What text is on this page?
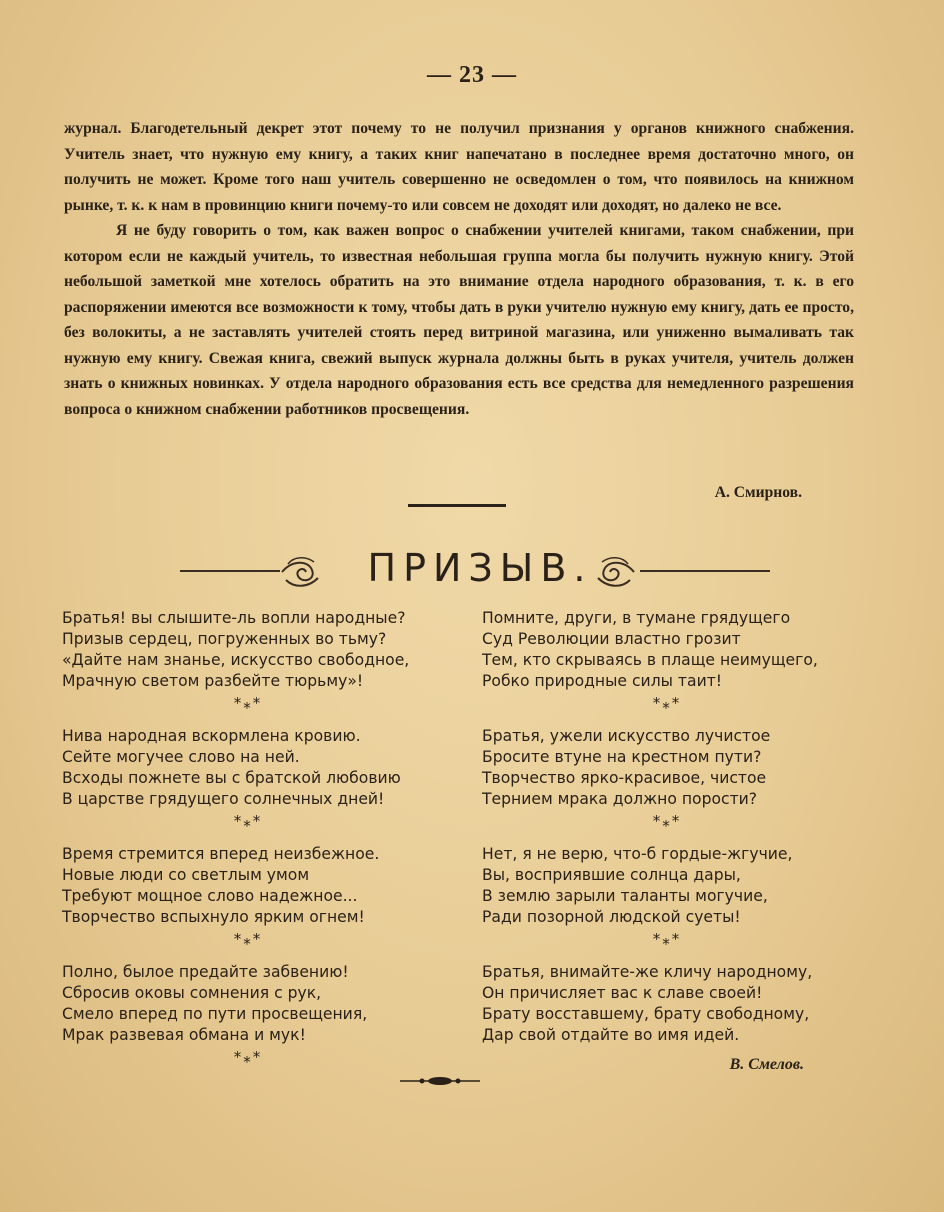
— 23 —

журнал. Благодетельный декрет этот почему то не получил признания у органов книжного снабжения. Учитель знает, что нужную ему книгу, а таких книг напечатано в последнее время достаточно много, он получить не может. Кроме того наш учитель совершенно не осведомлен о том, что появилось на книжном рынке, т. к. к нам в провинцию книги почему-то или совсем не доходят или доходят, но далеко не все.

Я не буду говорить о том, как важен вопрос о снабжении учителей книгами, таком снабжении, при котором если не каждый учитель, то известная небольшая группа могла бы получить нужную книгу. Этой небольшой заметкой мне хотелось обратить на это внимание отдела народного образования, т. к. в его распоряжении имеются все возможности к тому, чтобы дать в руки учителю нужную ему книгу, дать ее просто, без волокиты, а не заставлять учителей стоять перед витриной магазина, или униженно вымаливать так нужную ему книгу. Свежая книга, свежий выпуск журнала должны быть в руках учителя, учитель должен знать о книжных новинках. У отдела народного образования есть все средства для немедленного разрешения вопроса о книжном снабжении работников просвещения.

А. Смирнов.
ПРИЗЫВ.
Братья! вы слышите-ль вопли народные?
Призыв сердец, погруженных во тьму?
«Дайте нам знанье, искусство свободное,
Мрачную светом разбейте тюрьму»!
***
Нива народная вскормлена кровию.
Сейте могучее слово на ней.
Всходы пожнете вы с братской любовию
В царстве грядущего солнечных дней!
***
Время стремится вперед неизбежное.
Новые люди со светлым умом
Требуют мощное слово надежное...
Творчество вспыхнуло ярким огнем!
***
Полно, былое предайте забвению!
Сбросив оковы сомнения с рук,
Смело вперед по пути просвещения,
Мрак развевая обмана и мук!
***
Помните, други, в тумане грядущего
Суд Революции властно грозит
Тем, кто скрываясь в плаще неимущего,
Робко природные силы таит!
***
Братья, ужели искусство лучистое
Бросите втуне на крестном пути?
Творчество ярко-красивое, чистое
Тернием мрака должно порости?
***
Нет, я не верю, что-б гордые-жгучие,
Вы, восприявшие солнца дары,
В землю зарыли таланты могучие,
Ради позорной людской суеты!
***
Братья, внимайте-же кличу народному,
Он причисляет вас к славе своей!
Брату восставшему, брату свободному,
Дар свой отдайте во имя идей.
В. Смелов.
